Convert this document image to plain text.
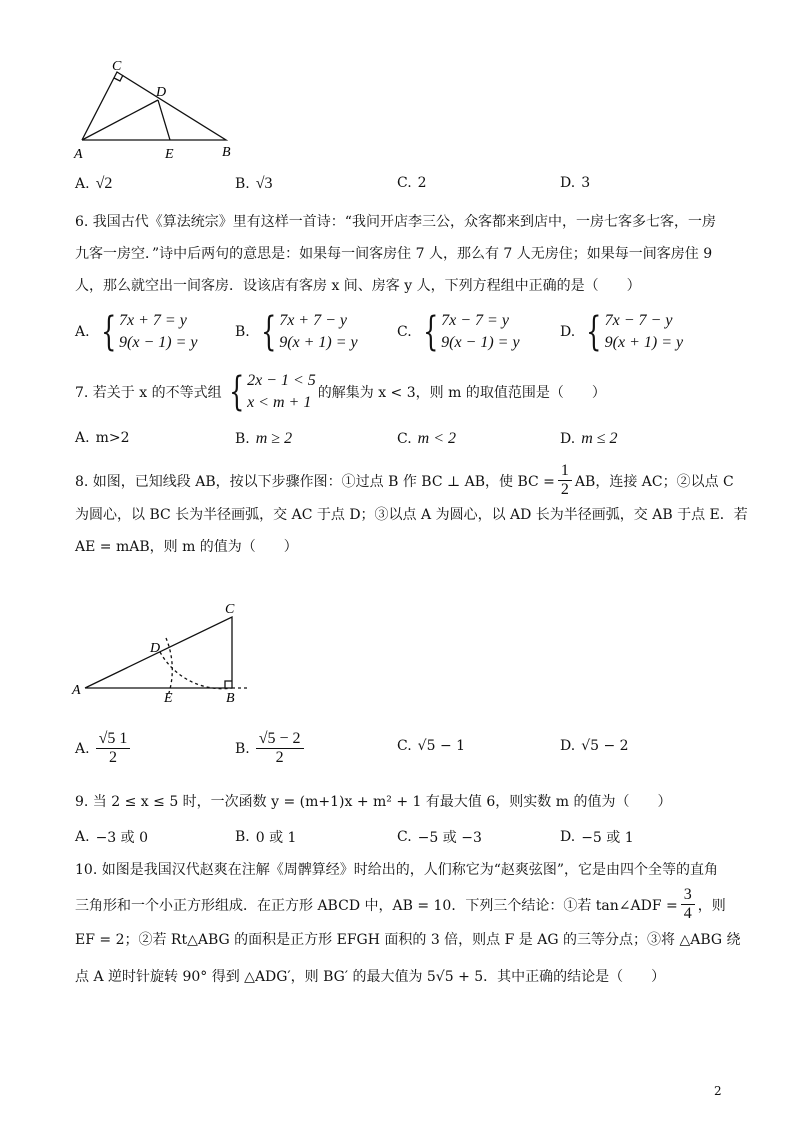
C
D
A	E	B
A. √2	B. √3	C. 2	D. 3
6. 我国古代《算法统宗》里有这样一首诗：“我问开店李三公，众客都来到店中，一房七客多七客，一房
九客一房空．”诗中后两句的意思是：如果每一间客房住 7 人，那么有 7 人无房住；如果每一间客房住 9
人，那么就空出一间客房．设该店有客房 x 间、房客 y 人，下列方程组中正确的是（　　）
A. { 7x + 7 = y
9(x − 1) = y
B. { 7x + 7 − y
9(x + 1) = y
C. { 7x − 7 = y
9(x − 1) = y
D. { 7x − 7 − y
9(x + 1) = y
7. 若关于 x 的不等式组 { 2x − 1 < 5
x < m + 1
的解集为 x < 3，则 m 的取值范围是（　　）
A. m>2	B. m ≥ 2	C. m < 2	D. m ≤ 2
8. 如图，已知线段 AB，按以下步骤作图：①过点 B 作 BC ⊥ AB，使 BC = $\frac{1}{2}$ AB，连接 AC；②以点 C
为圆心，以 BC 长为半径画弧，交 AC 于点 D；③以点 A 为圆心，以 AD 长为半径画弧，交 AB 于点 E．若
AE = mAB，则 m 的值为（　　）
C
D
A
E	B
A. $\frac{√5 1}{2}$	B. $\frac{√5 - 2}{2}$	C. √5 − 1	D. √5 − 2
9. 当 2 ≤ x ≤ 5 时，一次函数 y = (m+1)x + m² + 1 有最大值 6，则实数 m 的值为（　　）
A. −3 或 0	B. 0 或 1	C. −5 或 −3	D. −5 或 1
10. 如图是我国汉代赵爽在注解《周髀算经》时给出的，人们称它为“赵爽弦图”，它是由四个全等的直角
三角形和一个小正方形组成．在正方形 ABCD 中，AB = 10．下列三个结论：①若 tan∠ADF = $\frac{3}{4}$ ，则
EF = 2；②若 Rt△ABG 的面积是正方形 EFGH 面积的 3 倍，则点 F 是 AG 的三等分点；③将 △ABG 绕
点 A 逆时针旋转 90° 得到 △ADG′，则 BG′ 的最大值为 5√5 + 5．其中正确的结论是（　　）
2
